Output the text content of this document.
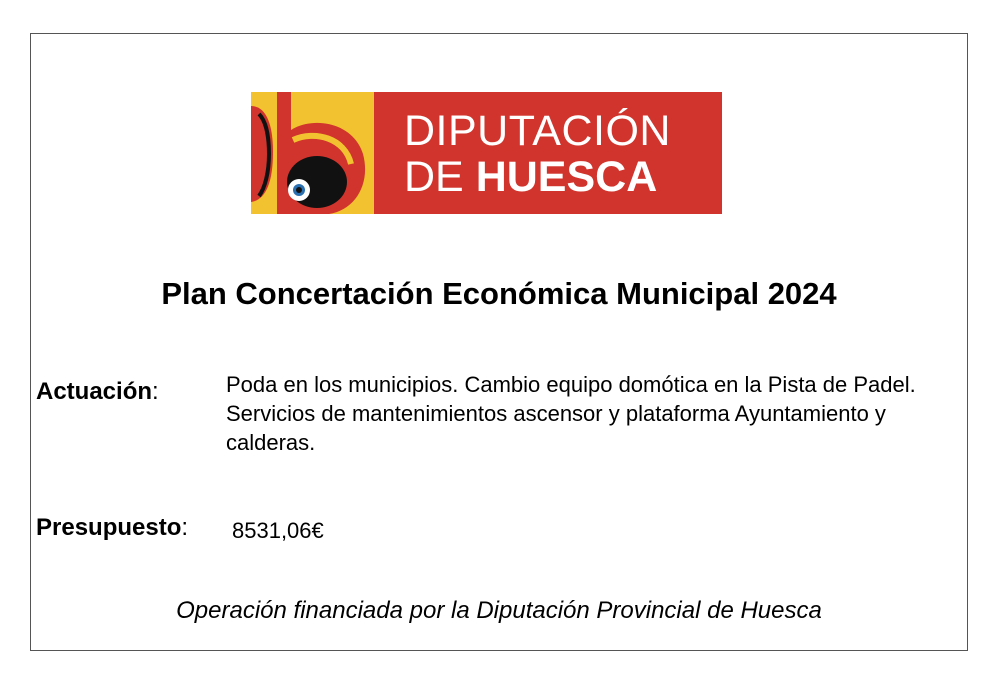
DIPUTACIÓN
DE HUESCA
Plan Concertación Económica Municipal 2024
Actuación:	Poda en los municipios. Cambio equipo domótica en la Pista de Padel. Servicios de mantenimientos ascensor y plataforma Ayuntamiento y calderas.
Presupuesto: 8531,06€
Operación financiada por la Diputación Provincial de Huesca
